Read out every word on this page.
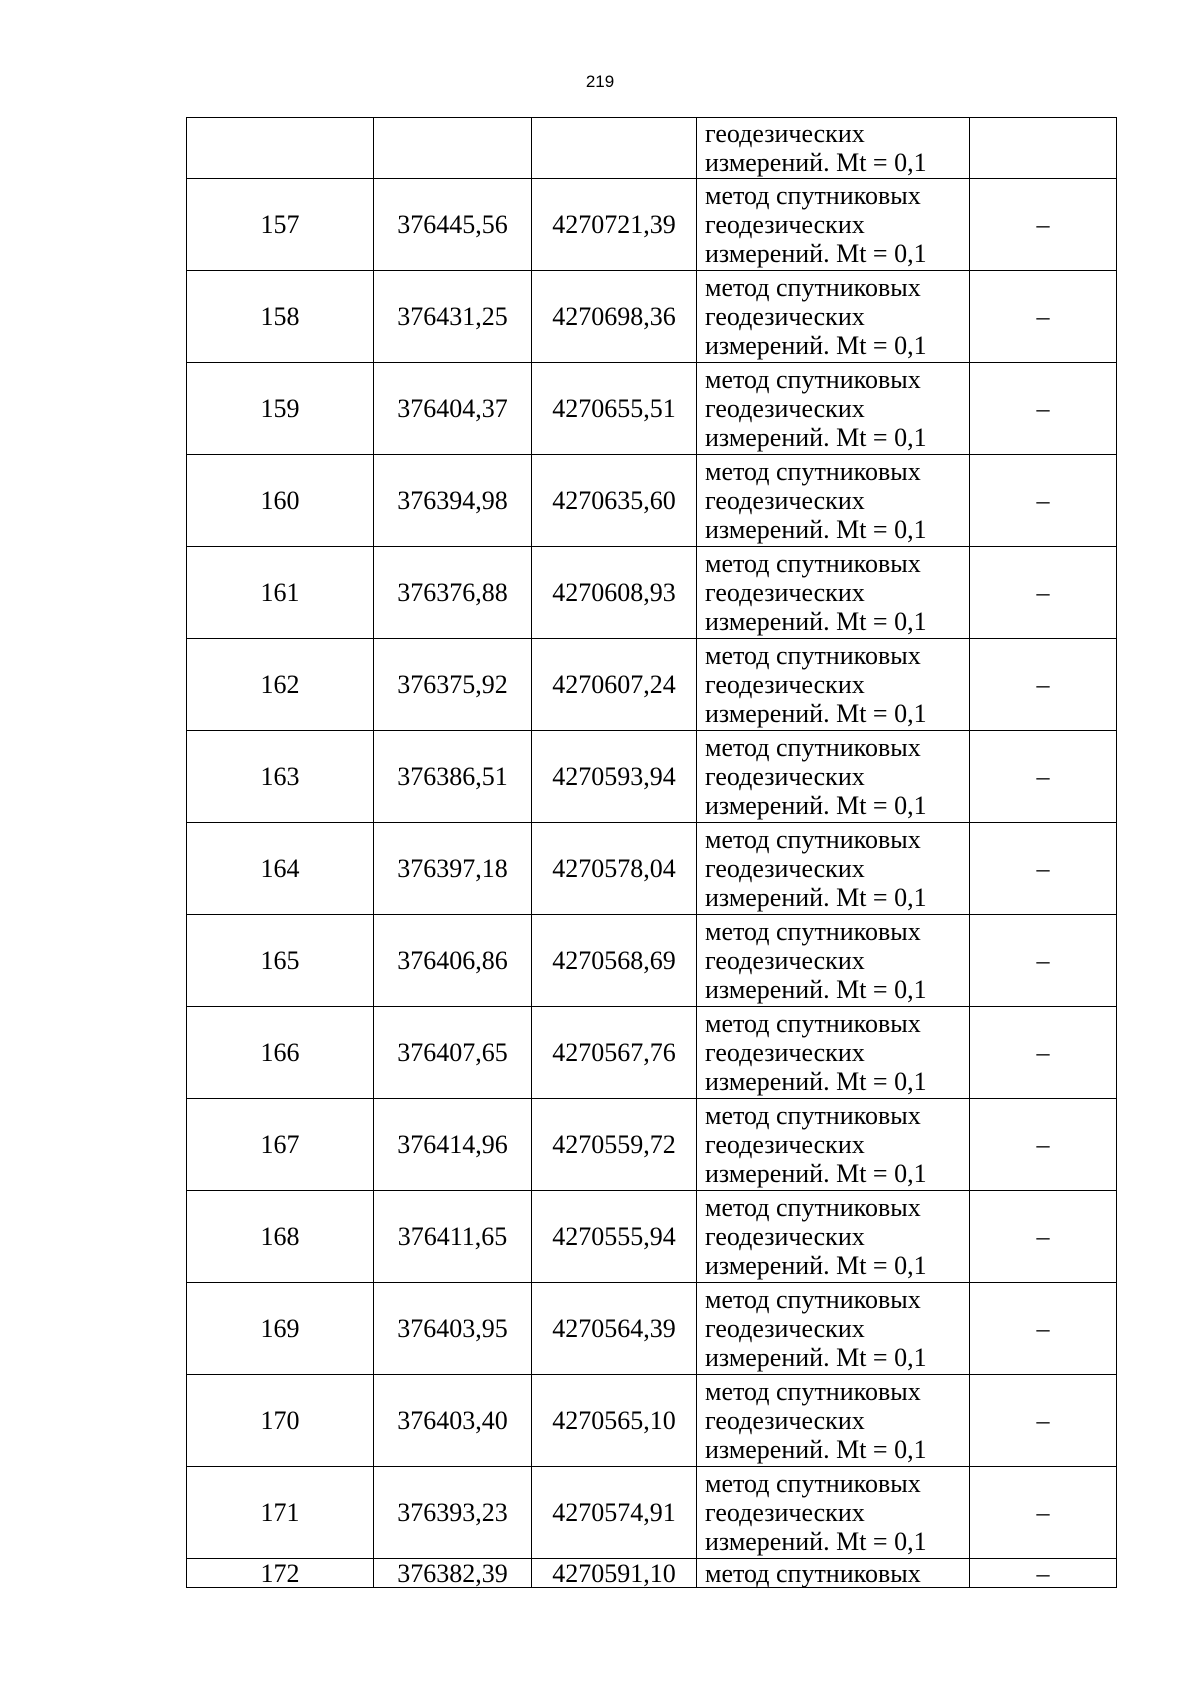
219

			геодезических
измерений. Mt = 0,1	

157	376445,56	4270721,39	метод спутниковых
геодезических
измерений. Mt = 0,1	–
158	376431,25	4270698,36	метод спутниковых
геодезических
измерений. Mt = 0,1	–
159	376404,37	4270655,51	метод спутниковых
геодезических
измерений. Mt = 0,1	–
160	376394,98	4270635,60	метод спутниковых
геодезических
измерений. Mt = 0,1	–
161	376376,88	4270608,93	метод спутниковых
геодезических
измерений. Mt = 0,1	–
162	376375,92	4270607,24	метод спутниковых
геодезических
измерений. Mt = 0,1	–
163	376386,51	4270593,94	метод спутниковых
геодезических
измерений. Mt = 0,1	–
164	376397,18	4270578,04	метод спутниковых
геодезических
измерений. Mt = 0,1	–
165	376406,86	4270568,69	метод спутниковых
геодезических
измерений. Mt = 0,1	–
166	376407,65	4270567,76	метод спутниковых
геодезических
измерений. Mt = 0,1	–
167	376414,96	4270559,72	метод спутниковых
геодезических
измерений. Mt = 0,1	–
168	376411,65	4270555,94	метод спутниковых
геодезических
измерений. Mt = 0,1	–
169	376403,95	4270564,39	метод спутниковых
геодезических
измерений. Mt = 0,1	–
170	376403,40	4270565,10	метод спутниковых
геодезических
измерений. Mt = 0,1	–
171	376393,23	4270574,91	метод спутниковых
геодезических
измерений. Mt = 0,1	–
172	376382,39	4270591,10	метод спутниковых	–
